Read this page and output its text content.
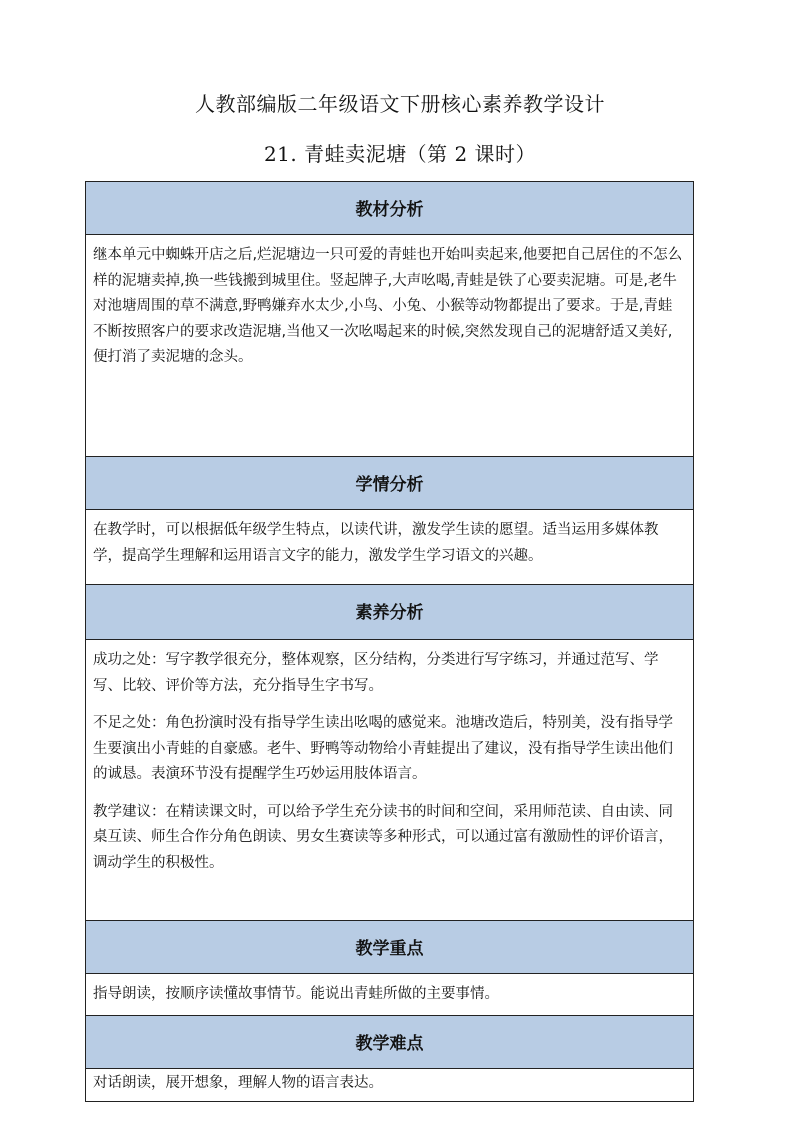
人教部编版二年级语文下册核心素养教学设计
21. 青蛙卖泥塘（第 2 课时）
教材分析

继本单元中蜘蛛开店之后,烂泥塘边一只可爱的青蛙也开始叫卖起来,他要把自己居住的不怎么样的泥塘卖掉,换一些钱搬到城里住。竖起牌子,大声吆喝,青蛙是铁了心要卖泥塘。可是,老牛对池塘周围的草不满意,野鸭嫌弃水太少,小鸟、小兔、小猴等动物都提出了要求。于是,青蛙不断按照客户的要求改造泥塘,当他又一次吆喝起来的时候,突然发现自己的泥塘舒适又美好,便打消了卖泥塘的念头。

学情分析

在教学时，可以根据低年级学生特点，以读代讲，激发学生读的愿望。适当运用多媒体教学，提高学生理解和运用语言文字的能力，激发学生学习语文的兴趣。

素养分析

成功之处：写字教学很充分，整体观察，区分结构，分类进行写字练习，并通过范写、学写、比较、评价等方法，充分指导生字书写。

不足之处：角色扮演时没有指导学生读出吆喝的感觉来。池塘改造后，特别美，没有指导学生要演出小青蛙的自豪感。老牛、野鸭等动物给小青蛙提出了建议，没有指导学生读出他们的诚恳。表演环节没有提醒学生巧妙运用肢体语言。

教学建议：在精读课文时，可以给予学生充分读书的时间和空间，采用师范读、自由读、同桌互读、师生合作分角色朗读、男女生赛读等多种形式，可以通过富有激励性的评价语言，调动学生的积极性。

教学重点

指导朗读，按顺序读懂故事情节。能说出青蛙所做的主要事情。

教学难点

对话朗读，展开想象，理解人物的语言表达。
